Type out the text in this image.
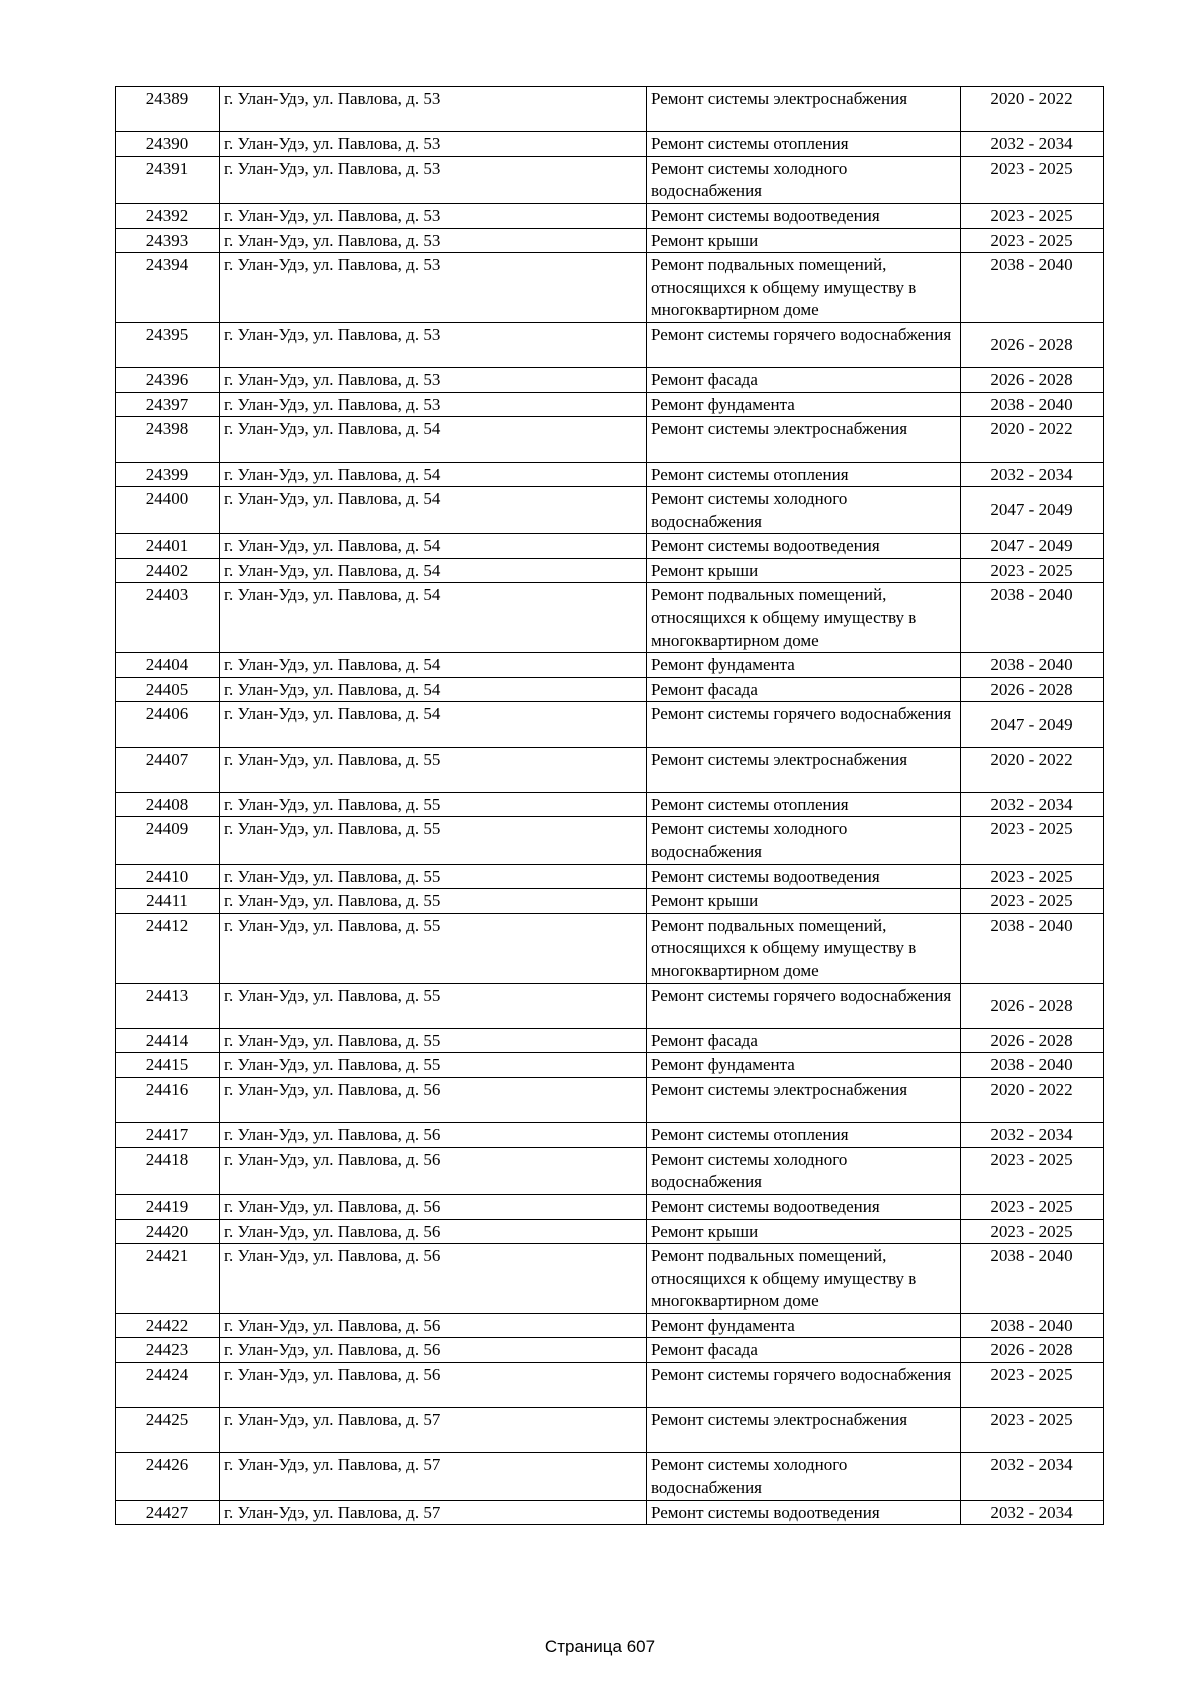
24389	г. Улан-Удэ, ул. Павлова, д. 53	Ремонт системы электроснабжения	2020 - 2022
24390	г. Улан-Удэ, ул. Павлова, д. 53	Ремонт системы отопления	2032 - 2034
24391	г. Улан-Удэ, ул. Павлова, д. 53	Ремонт системы холодного водоснабжения	2023 - 2025
24392	г. Улан-Удэ, ул. Павлова, д. 53	Ремонт системы водоотведения	2023 - 2025
24393	г. Улан-Удэ, ул. Павлова, д. 53	Ремонт крыши	2023 - 2025
24394	г. Улан-Удэ, ул. Павлова, д. 53	Ремонт подвальных помещений, относящихся к общему имуществу в многоквартирном доме	2038 - 2040
24395	г. Улан-Удэ, ул. Павлова, д. 53	Ремонт системы горячего водоснабжения	2026 - 2028
24396	г. Улан-Удэ, ул. Павлова, д. 53	Ремонт фасада	2026 - 2028
24397	г. Улан-Удэ, ул. Павлова, д. 53	Ремонт фундамента	2038 - 2040
24398	г. Улан-Удэ, ул. Павлова, д. 54	Ремонт системы электроснабжения	2020 - 2022
24399	г. Улан-Удэ, ул. Павлова, д. 54	Ремонт системы отопления	2032 - 2034
24400	г. Улан-Удэ, ул. Павлова, д. 54	Ремонт системы холодного водоснабжения	2047 - 2049
24401	г. Улан-Удэ, ул. Павлова, д. 54	Ремонт системы водоотведения	2047 - 2049
24402	г. Улан-Удэ, ул. Павлова, д. 54	Ремонт крыши	2023 - 2025
24403	г. Улан-Удэ, ул. Павлова, д. 54	Ремонт подвальных помещений, относящихся к общему имуществу в многоквартирном доме	2038 - 2040
24404	г. Улан-Удэ, ул. Павлова, д. 54	Ремонт фундамента	2038 - 2040
24405	г. Улан-Удэ, ул. Павлова, д. 54	Ремонт фасада	2026 - 2028
24406	г. Улан-Удэ, ул. Павлова, д. 54	Ремонт системы горячего водоснабжения	2047 - 2049
24407	г. Улан-Удэ, ул. Павлова, д. 55	Ремонт системы электроснабжения	2020 - 2022
24408	г. Улан-Удэ, ул. Павлова, д. 55	Ремонт системы отопления	2032 - 2034
24409	г. Улан-Удэ, ул. Павлова, д. 55	Ремонт системы холодного водоснабжения	2023 - 2025
24410	г. Улан-Удэ, ул. Павлова, д. 55	Ремонт системы водоотведения	2023 - 2025
24411	г. Улан-Удэ, ул. Павлова, д. 55	Ремонт крыши	2023 - 2025
24412	г. Улан-Удэ, ул. Павлова, д. 55	Ремонт подвальных помещений, относящихся к общему имуществу в многоквартирном доме	2038 - 2040
24413	г. Улан-Удэ, ул. Павлова, д. 55	Ремонт системы горячего водоснабжения	2026 - 2028
24414	г. Улан-Удэ, ул. Павлова, д. 55	Ремонт фасада	2026 - 2028
24415	г. Улан-Удэ, ул. Павлова, д. 55	Ремонт фундамента	2038 - 2040
24416	г. Улан-Удэ, ул. Павлова, д. 56	Ремонт системы электроснабжения	2020 - 2022
24417	г. Улан-Удэ, ул. Павлова, д. 56	Ремонт системы отопления	2032 - 2034
24418	г. Улан-Удэ, ул. Павлова, д. 56	Ремонт системы холодного водоснабжения	2023 - 2025
24419	г. Улан-Удэ, ул. Павлова, д. 56	Ремонт системы водоотведения	2023 - 2025
24420	г. Улан-Удэ, ул. Павлова, д. 56	Ремонт крыши	2023 - 2025
24421	г. Улан-Удэ, ул. Павлова, д. 56	Ремонт подвальных помещений, относящихся к общему имуществу в многоквартирном доме	2038 - 2040
24422	г. Улан-Удэ, ул. Павлова, д. 56	Ремонт фундамента	2038 - 2040
24423	г. Улан-Удэ, ул. Павлова, д. 56	Ремонт фасада	2026 - 2028
24424	г. Улан-Удэ, ул. Павлова, д. 56	Ремонт системы горячего водоснабжения	2023 - 2025
24425	г. Улан-Удэ, ул. Павлова, д. 57	Ремонт системы электроснабжения	2023 - 2025
24426	г. Улан-Удэ, ул. Павлова, д. 57	Ремонт системы холодного водоснабжения	2032 - 2034
24427	г. Улан-Удэ, ул. Павлова, д. 57	Ремонт системы водоотведения	2032 - 2034
Страница 607
